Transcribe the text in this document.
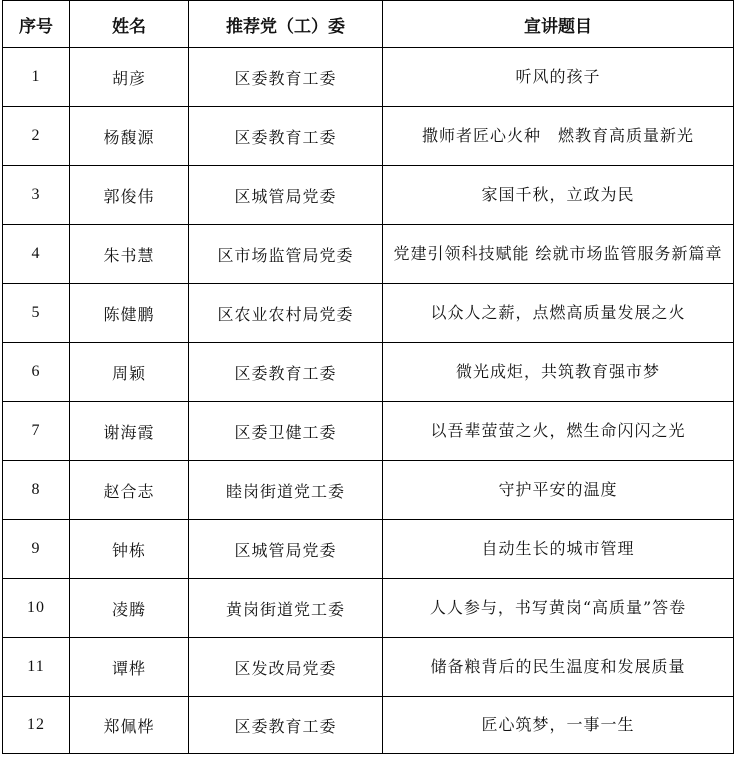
序号	姓名	推荐党（工）委	宣讲题目
1	胡彦	区委教育工委	听风的孩子
2	杨馥源	区委教育工委	撒师者匠心火种　燃教育高质量新光
3	郭俊伟	区城管局党委	家国千秋，立政为民
4	朱书慧	区市场监管局党委	党建引领科技赋能 绘就市场监管服务新篇章
5	陈健鹏	区农业农村局党委	以众人之薪，点燃高质量发展之火
6	周颖	区委教育工委	微光成炬，共筑教育强市梦
7	谢海霞	区委卫健工委	以吾辈萤萤之火，燃生命闪闪之光
8	赵合志	睦岗街道党工委	守护平安的温度
9	钟栋	区城管局党委	自动生长的城市管理
10	凌腾	黄岗街道党工委	人人参与，书写黄岗“高质量”答卷
11	谭桦	区发改局党委	储备粮背后的民生温度和发展质量
12	郑佩桦	区委教育工委	匠心筑梦，一事一生
